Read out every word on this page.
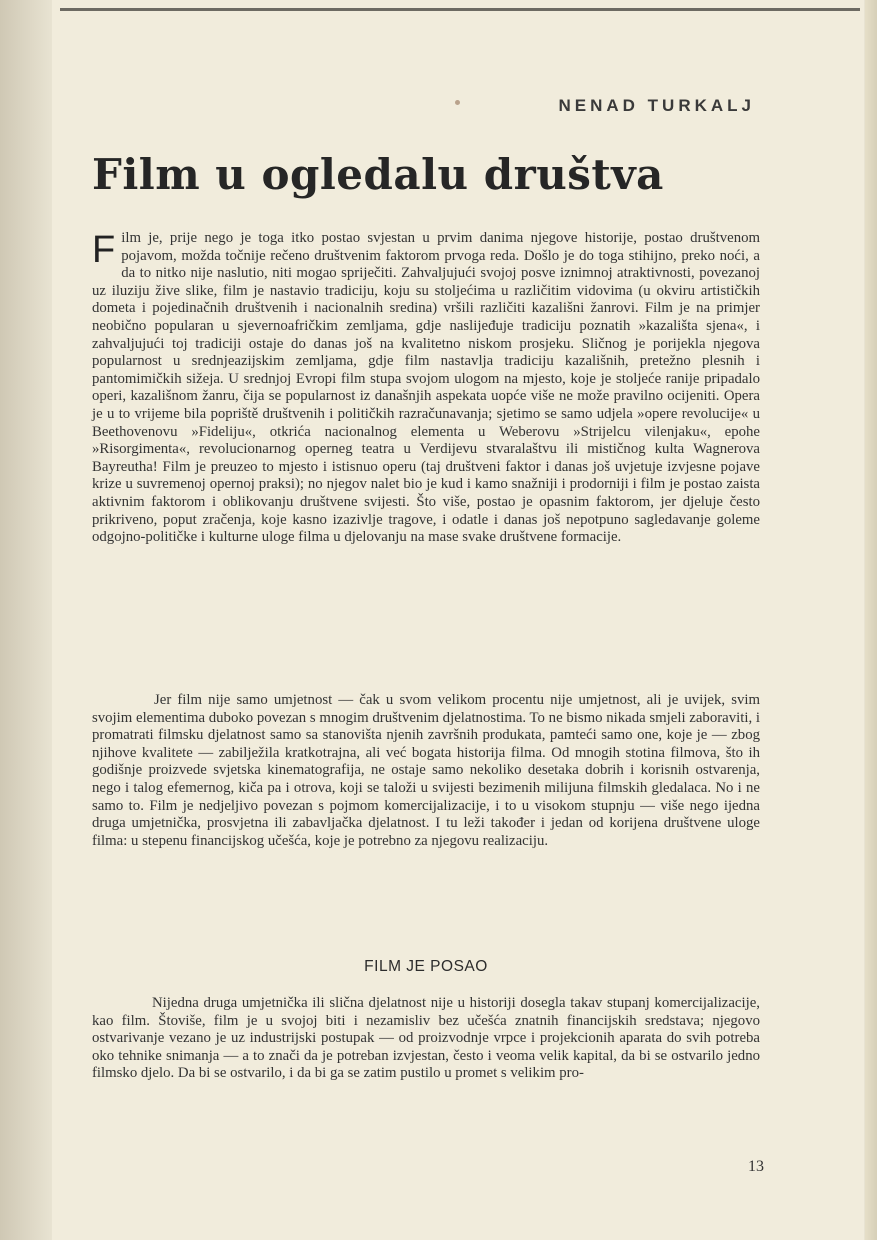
NENAD TURKALJ
Film u ogledalu društva
Film je, prije nego je toga itko postao svjestan u prvim danima njegove historije, postao društvenom pojavom, možda točnije rečeno društvenim faktorom prvoga reda. Došlo je do toga stihijno, preko noći, a da to nitko nije naslutio, niti mogao spriječiti. Zahvaljujući svojoj posve iznimnoj atraktivnosti, povezanoj uz iluziju žive slike, film je nastavio tradiciju, koju su stoljećima u različitim vidovima (u okviru artističkih dometa i pojedinačnih društvenih i nacionalnih sredina) vršili različiti kazališni žanrovi. Film je na primjer neobično popularan u sjevernoafričkim zemljama, gdje naslijeđuje tradiciju poznatih »kazališta sjena«, i zahvaljujući toj tradiciji ostaje do danas još na kvalitetno niskom prosjeku. Sličnog je porijekla njegova popularnost u srednjeazijskim zemljama, gdje film nastavlja tradiciju kazališnih, pretežno plesnih i pantomimičkih sižeja. U srednjoj Evropi film stupa svojom ulogom na mjesto, koje je stoljeće ranije pripadalo operi, kazališnom žanru, čija se popularnost iz današnjih aspekata uopće više ne može pravilno ocijeniti. Opera je u to vrijeme bila popriště društvenih i političkih razračunavanja; sjetimo se samo udjela »opere revolucije« u Beethovenovu »Fideliju«, otkrića nacionalnog elementa u Weberovu »Strijelcu vilenjaku«, epohe »Risorgimenta«, revolucionarnog operneg teatra u Verdijevu stvaralaštvu ili mističnog kulta Wagnerova Bayreutha! Film je preuzeo to mjesto i istisnuo operu (taj društveni faktor i danas još uvjetuje izvjesne pojave krize u suvremenoj opernoj praksi); no njegov nalet bio je kud i kamo snažniji i prodorniji i film je postao zaista aktivnim faktorom i oblikovanju društvene svijesti. Što više, postao je opasnim faktorom, jer djeluje često prikriveno, poput zračenja, koje kasno izazivlje tragove, i odatle i danas još nepotpuno sagledavanje goleme odgojno-političke i kulturne uloge filma u djelovanju na mase svake društvene formacije.
Jer film nije samo umjetnost — čak u svom velikom procentu nije umjetnost, ali je uvijek, svim svojim elementima duboko povezan s mnogim društvenim djelatnostima. To ne bismo nikada smjeli zaboraviti, i promatrati filmsku djelatnost samo sa stanovišta njenih završnih produkata, pamteći samo one, koje je — zbog njihove kvalitete — zabilježila kratkotrajna, ali već bogata historija filma. Od mnogih stotina filmova, što ih godišnje proizvede svjetska kinematografija, ne ostaje samo nekoliko desetaka dobrih i korisnih ostvarenja, nego i talog efemernog, kiča pa i otrova, koji se taloži u svijesti bezimenih milijuna filmskih gledalaca. No i ne samo to. Film je nedjeljivo povezan s pojmom komercijalizacije, i to u visokom stupnju — više nego ijedna druga umjetnička, prosvjetna ili zabavljačka djelatnost. I tu leži također i jedan od korijena društvene uloge filma: u stepenu financijskog učešća, koje je potrebno za njegovu realizaciju.
FILM JE POSAO
Nijedna druga umjetnička ili slična djelatnost nije u historiji dosegla takav stupanj komercijalizacije, kao film. Štoviše, film je u svojoj biti i nezamisliv bez učešća znatnih financijskih sredstava; njegovo ostvarivanje vezano je uz industrijski postupak — od proizvodnje vrpce i projekcionih aparata do svih potreba oko tehnike snimanja — a to znači da je potreban izvjestan, često i veoma velik kapital, da bi se ostvarilo jedno filmsko djelo. Da bi se ostvarilo, i da bi ga se zatim pustilo u promet s velikim pro-
13
